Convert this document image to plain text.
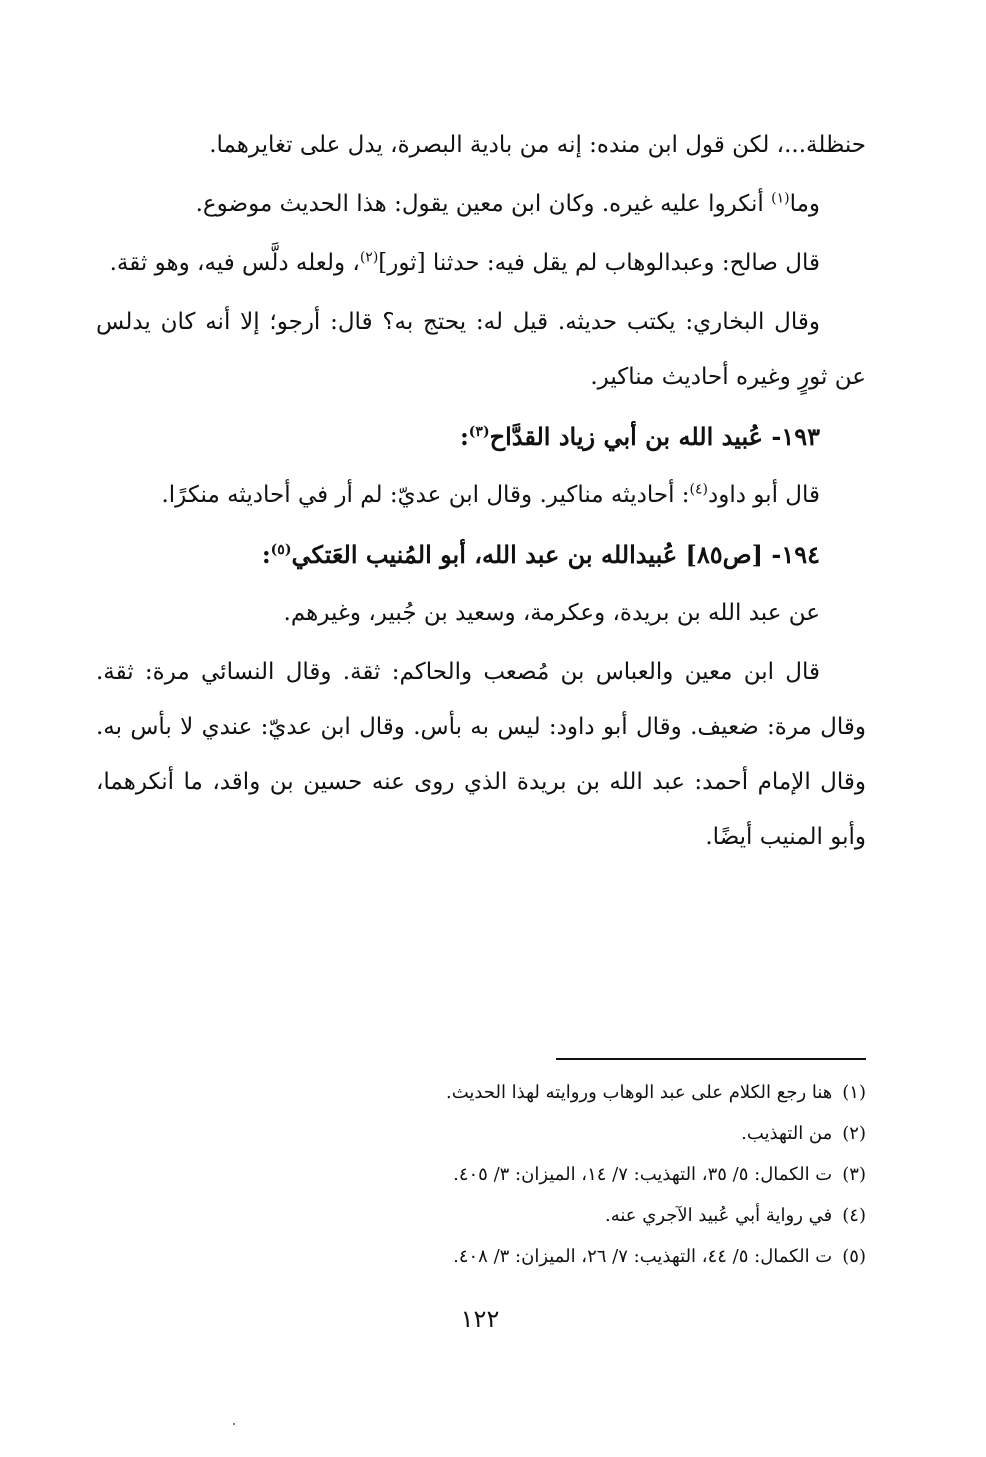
حنظلة...، لكن قول ابن منده: إنه من بادية البصرة، يدل على تغايرهما.

وما$^{(١)}$ أنكروا عليه غيره. وكان ابن معين يقول: هذا الحديث موضوع.

قال صالح: وعبدالوهاب لم يقل فيه: حدثنا [ثور]$^{(٢)}$، ولعله دلَّس فيه، وهو ثقة.

وقال البخاري: يكتب حديثه. قيل له: يحتج به؟ قال: أرجو؛ إلا أنه كان يدلس عن ثورٍ وغيره أحاديث مناكير.

١٩٣- عُبيد الله بن أبي زياد القدَّاح$^{(٣)}$:

قال أبو داود$^{(٤)}$: أحاديثه مناكير. وقال ابن عديّ: لم أر في أحاديثه منكرًا.

١٩٤- [ص٨٥] عُبيدالله بن عبد الله، أبو المُنيب العَتكي$^{(٥)}$:

عن عبد الله بن بريدة، وعكرمة، وسعيد بن جُبير، وغيرهم.

قال ابن معين والعباس بن مُصعب والحاكم: ثقة. وقال النسائي مرة: ثقة. وقال مرة: ضعيف. وقال أبو داود: ليس به بأس. وقال ابن عديّ: عندي لا بأس به. وقال الإمام أحمد: عبد الله بن بريدة الذي روى عنه حسين بن واقد، ما أنكرهما، وأبو المنيب أيضًا.

(١)هنا رجع الكلام على عبد الوهاب وروايته لهذا الحديث.

(٢)من التهذيب.

(٣)ت الكمال: ٥/ ٣٥، التهذيب: ٧/ ١٤، الميزان: ٣/ ٤٠٥.

(٤)في رواية أبي عُبيد الآجري عنه.

(٥)ت الكمال: ٥/ ٤٤، التهذيب: ٧/ ٢٦، الميزان: ٣/ ٤٠٨.

١٢٢
